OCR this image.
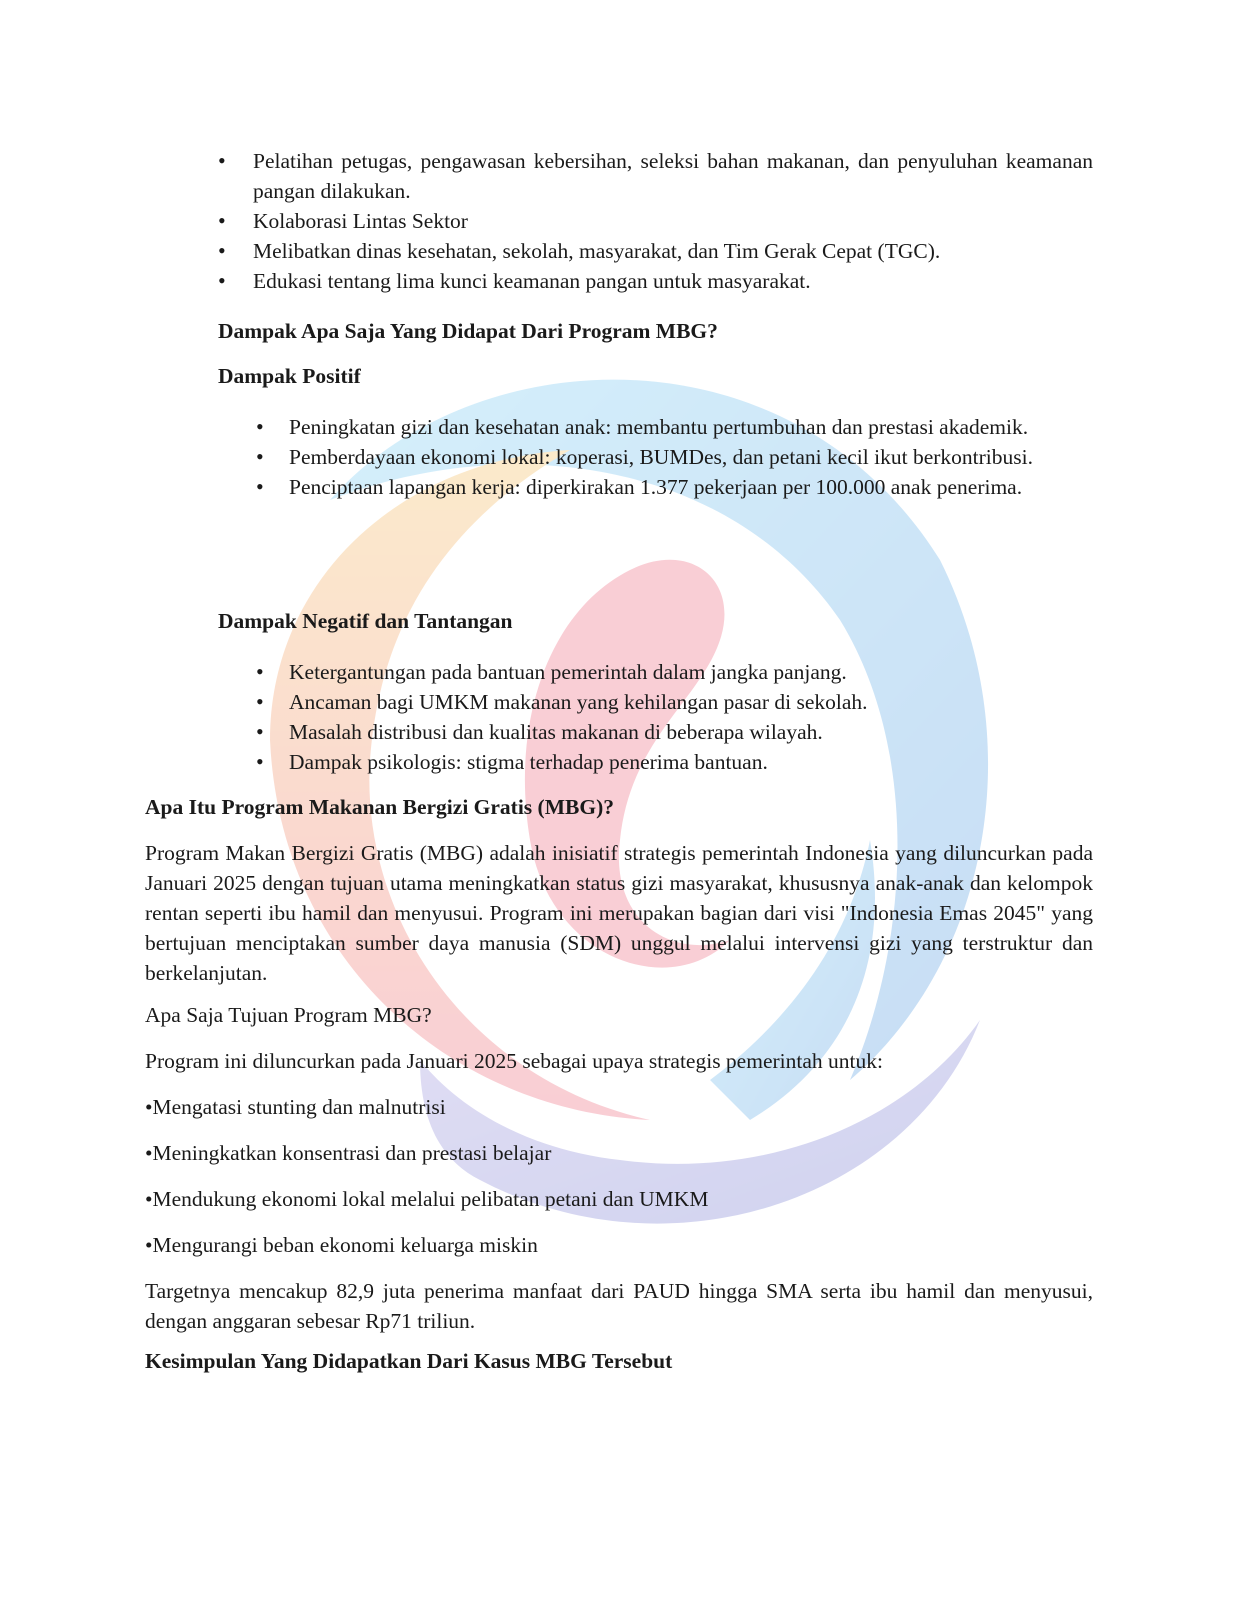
• Pelatihan petugas, pengawasan kebersihan, seleksi bahan makanan, dan penyuluhan keamanan pangan dilakukan.
• Kolaborasi Lintas Sektor
• Melibatkan dinas kesehatan, sekolah, masyarakat, dan Tim Gerak Cepat (TGC).
• Edukasi tentang lima kunci keamanan pangan untuk masyarakat.
Dampak Apa Saja Yang Didapat Dari Program MBG?
Dampak Positif
• Peningkatan gizi dan kesehatan anak: membantu pertumbuhan dan prestasi akademik.
• Pemberdayaan ekonomi lokal: koperasi, BUMDes, dan petani kecil ikut berkontribusi.
• Penciptaan lapangan kerja: diperkirakan 1.377 pekerjaan per 100.000 anak penerima.
Dampak Negatif dan Tantangan
• Ketergantungan pada bantuan pemerintah dalam jangka panjang.
• Ancaman bagi UMKM makanan yang kehilangan pasar di sekolah.
• Masalah distribusi dan kualitas makanan di beberapa wilayah.
• Dampak psikologis: stigma terhadap penerima bantuan.
Apa Itu Program Makanan Bergizi Gratis (MBG)?

Program Makan Bergizi Gratis (MBG) adalah inisiatif strategis pemerintah Indonesia yang diluncurkan pada Januari 2025 dengan tujuan utama meningkatkan status gizi masyarakat, khususnya anak-anak dan kelompok rentan seperti ibu hamil dan menyusui. Program ini merupakan bagian dari visi "Indonesia Emas 2045" yang bertujuan menciptakan sumber daya manusia (SDM) unggul melalui intervensi gizi yang terstruktur dan berkelanjutan.

Apa Saja Tujuan Program MBG?

Program ini diluncurkan pada Januari 2025 sebagai upaya strategis pemerintah untuk:

•Mengatasi stunting dan malnutrisi

•Meningkatkan konsentrasi dan prestasi belajar

•Mendukung ekonomi lokal melalui pelibatan petani dan UMKM

•Mengurangi beban ekonomi keluarga miskin

Targetnya mencakup 82,9 juta penerima manfaat dari PAUD hingga SMA serta ibu hamil dan menyusui, dengan anggaran sebesar Rp71 triliun.

Kesimpulan Yang Didapatkan Dari Kasus MBG Tersebut
